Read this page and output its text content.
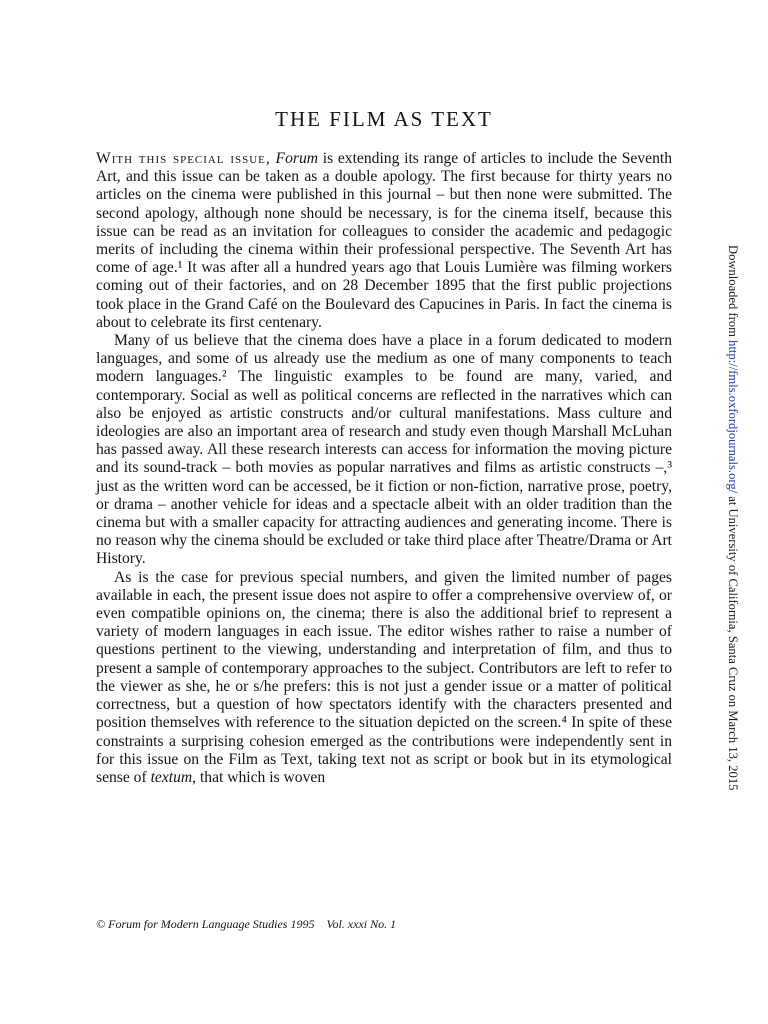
THE FILM AS TEXT

With this special issue, Forum is extending its range of articles to include the Seventh Art, and this issue can be taken as a double apology. The first because for thirty years no articles on the cinema were published in this journal – but then none were submitted. The second apology, although none should be necessary, is for the cinema itself, because this issue can be read as an invitation for colleagues to consider the academic and pedagogic merits of including the cinema within their professional perspective. The Seventh Art has come of age.¹ It was after all a hundred years ago that Louis Lumière was filming workers coming out of their factories, and on 28 December 1895 that the first public projections took place in the Grand Café on the Boulevard des Capucines in Paris. In fact the cinema is about to celebrate its first centenary.

Many of us believe that the cinema does have a place in a forum dedicated to modern languages, and some of us already use the medium as one of many components to teach modern languages.² The linguistic examples to be found are many, varied, and contemporary. Social as well as political concerns are reflected in the narratives which can also be enjoyed as artistic constructs and/or cultural manifestations. Mass culture and ideologies are also an important area of research and study even though Marshall McLuhan has passed away. All these research interests can access for information the moving picture and its sound-track – both movies as popular narratives and films as artistic constructs –,³ just as the written word can be accessed, be it fiction or non-fiction, narrative prose, poetry, or drama – another vehicle for ideas and a spectacle albeit with an older tradition than the cinema but with a smaller capacity for attracting audiences and generating income. There is no reason why the cinema should be excluded or take third place after Theatre/Drama or Art History.

As is the case for previous special numbers, and given the limited number of pages available in each, the present issue does not aspire to offer a comprehensive overview of, or even compatible opinions on, the cinema; there is also the additional brief to represent a variety of modern languages in each issue. The editor wishes rather to raise a number of questions pertinent to the viewing, understanding and interpretation of film, and thus to present a sample of contemporary approaches to the subject. Contributors are left to refer to the viewer as she, he or s/he prefers: this is not just a gender issue or a matter of political correctness, but a question of how spectators identify with the characters presented and position themselves with reference to the situation depicted on the screen.⁴ In spite of these constraints a surprising cohesion emerged as the contributions were independently sent in for this issue on the Film as Text, taking text not as script or book but in its etymological sense of textum, that which is woven

© Forum for Modern Language Studies 1995 Vol. xxxi No. 1
Downloaded from http://fmls.oxfordjournals.org/ at University of California, Santa Cruz on March 13, 2015
